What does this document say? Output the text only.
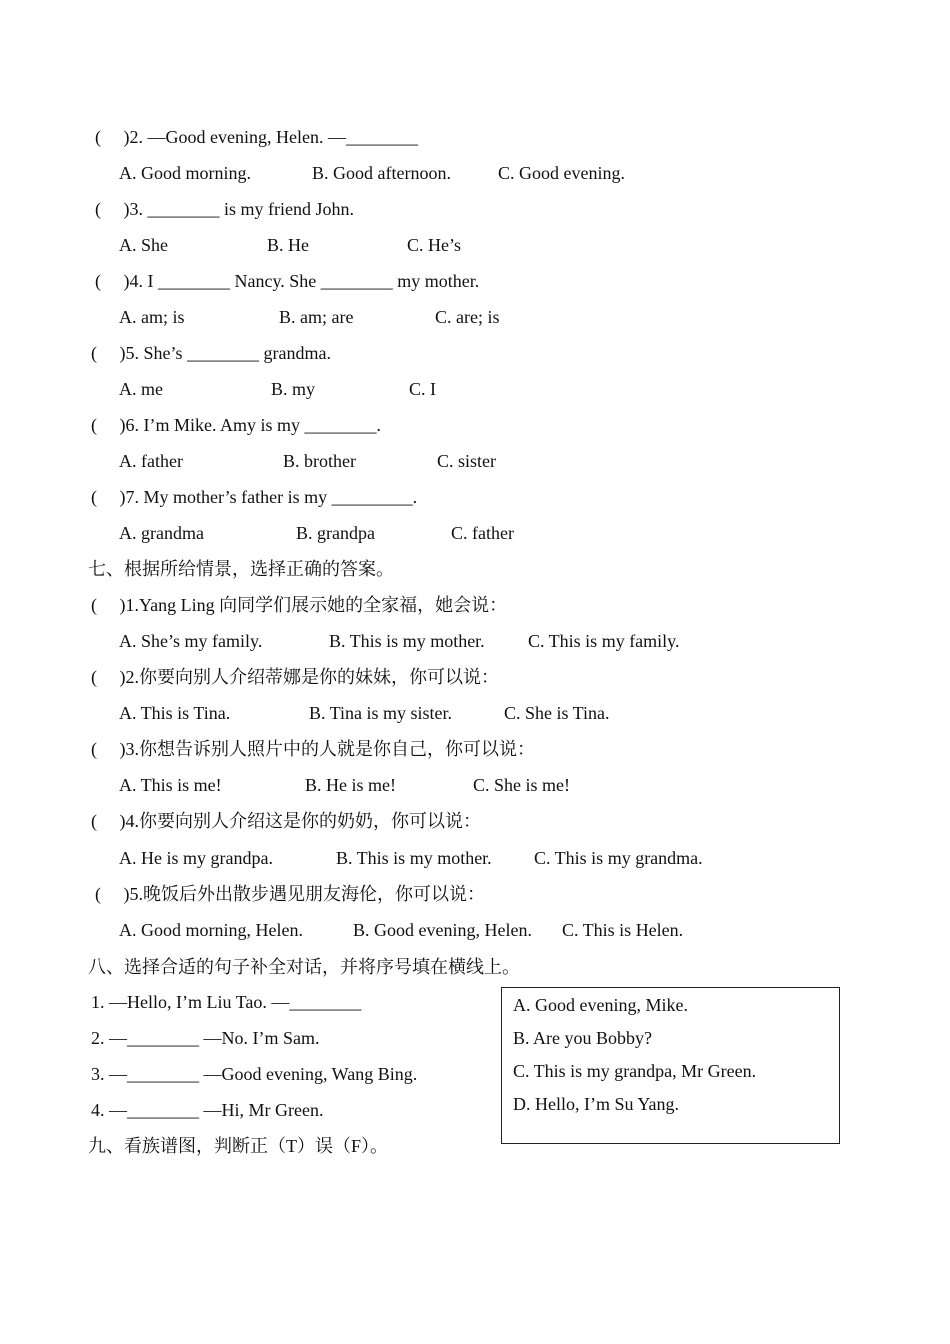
(     )2. —Good evening, Helen. —________
A. Good morning.	B. Good afternoon.	C. Good evening.
(     )3. ________ is my friend John.
A. She	B. He	C. He’s
(     )4. I ________ Nancy. She ________ my mother.
A. am; is	B. am; are	C. are; is
(     )5. She’s ________ grandma.
A. me	B. my	C. I
(     )6. I’m Mike. Amy is my ________.
A. father	B. brother	C. sister
(     )7. My mother’s father is my _________.
A. grandma	B. grandpa	C. father
七、根据所给情景，选择正确的答案。
(     )1.Yang Ling 向同学们展示她的全家福，她会说：
A. She’s my family.	B. This is my mother. C. This is my family.
(     )2.你要向别人介绍蒂娜是你的妹妹，你可以说：
A. This is Tina.	B. Tina is my sister.	C. She is Tina.
(     )3.你想告诉别人照片中的人就是你自己，你可以说：
A. This is me!	B. He is me!	C. She is me!
(     )4.你要向别人介绍这是你的奶奶，你可以说：
A. He is my grandpa.	B. This is my mother. C. This is my grandma.
(     )5.晚饭后外出散步遇见朋友海伦，你可以说：
A. Good morning, Helen.	B. Good evening, Helen. C. This is Helen.
八、选择合适的句子补全对话，并将序号填在横线上。
1. —Hello, I’m Liu Tao. —________
2. —________ —No. I’m Sam.
3. —________ —Good evening, Wang Bing.
4. —________ —Hi, Mr Green.
A. Good evening, Mike.
B. Are you Bobby?
C. This is my grandpa, Mr Green.
D. Hello, I’m Su Yang.
九、看族谱图，判断正（T）误（F）。
